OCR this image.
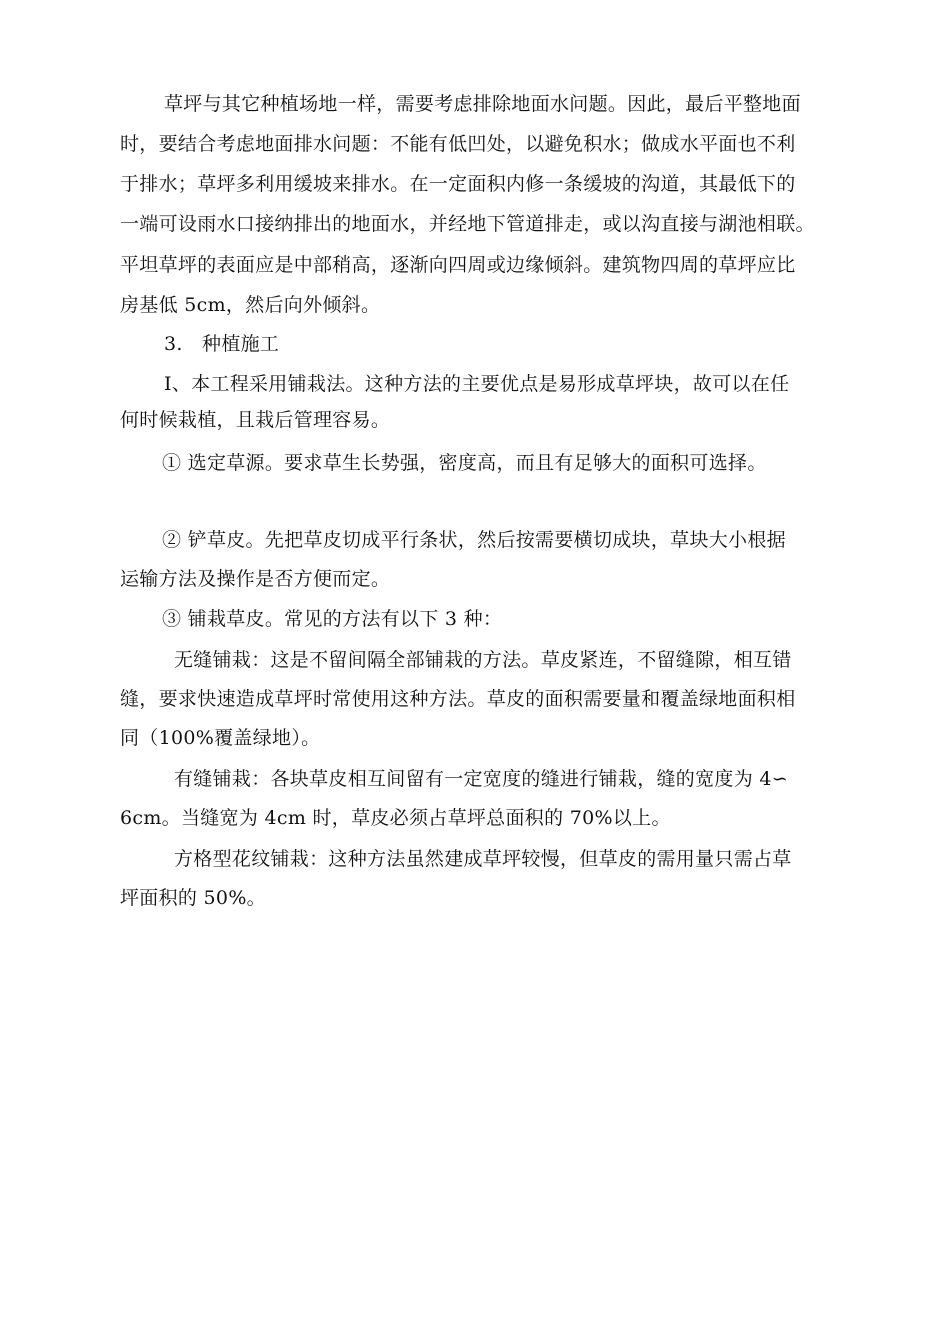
草坪与其它种植场地一样，需要考虑排除地面水问题。因此，最后平整地面
时，要结合考虑地面排水问题：不能有低凹处，以避免积水；做成水平面也不利
于排水；草坪多利用缓坡来排水。在一定面积内修一条缓坡的沟道，其最低下的
一端可设雨水口接纳排出的地面水，并经地下管道排走，或以沟直接与湖池相联。
平坦草坪的表面应是中部稍高，逐渐向四周或边缘倾斜。建筑物四周的草坪应比
房基低 5cm，然后向外倾斜。
3.　种植施工
I、本工程采用铺栽法。这种方法的主要优点是易形成草坪块，故可以在任
何时候栽植，且栽后管理容易。
① 选定草源。要求草生长势强，密度高，而且有足够大的面积可选择。
② 铲草皮。先把草皮切成平行条状，然后按需要横切成块，草块大小根据
运输方法及操作是否方便而定。
③ 铺栽草皮。常见的方法有以下 3 种：
无缝铺栽：这是不留间隔全部铺栽的方法。草皮紧连，不留缝隙，相互错
缝，要求快速造成草坪时常使用这种方法。草皮的面积需要量和覆盖绿地面积相
同（100%覆盖绿地）。
有缝铺栽：各块草皮相互间留有一定宽度的缝进行铺栽，缝的宽度为 4∽
6cm。当缝宽为 4cm 时，草皮必须占草坪总面积的 70%以上。
方格型花纹铺栽：这种方法虽然建成草坪较慢，但草皮的需用量只需占草
坪面积的 50%。
